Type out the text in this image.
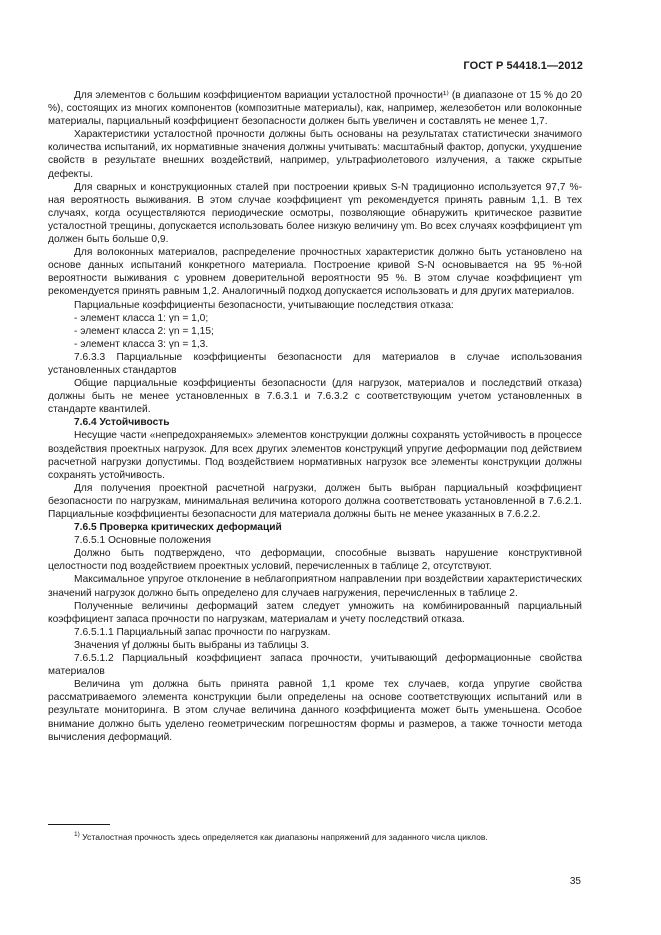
ГОСТ Р 54418.1—2012

Для элементов с большим коэффициентом вариации усталостной прочности¹⁾ (в диапазоне от 15 % до 20 %), состоящих из многих компонентов (композитные материалы), как, например, железобетон или волоконные материалы, парциальный коэффициент безопасности должен быть увеличен и составлять не менее 1,7.

Характеристики усталостной прочности должны быть основаны на результатах статистически значимого количества испытаний, их нормативные значения должны учитывать: масштабный фактор, допуски, ухудшение свойств в результате внешних воздействий, например, ультрафиолетового излучения, а также скрытые дефекты.

Для сварных и конструкционных сталей при построении кривых S-N традиционно используется 97,7 %-ная вероятность выживания. В этом случае коэффициент γm рекомендуется принять равным 1,1. В тех случаях, когда осуществляются периодические осмотры, позволяющие обнаружить критическое развитие усталостной трещины, допускается использовать более низкую величину γm. Во всех случаях коэффициент γm должен быть больше 0,9.

Для волоконных материалов, распределение прочностных характеристик должно быть установлено на основе данных испытаний конкретного материала. Построение кривой S-N основывается на 95 %-ной вероятности выживания с уровнем доверительной вероятности 95 %. В этом случае коэффициент γm рекомендуется принять равным 1,2. Аналогичный подход допускается использовать и для других материалов.

Парциальные коэффициенты безопасности, учитывающие последствия отказа:

- элемент класса 1: γn = 1,0;

- элемент класса 2: γn = 1,15;

- элемент класса 3: γn = 1,3.

7.6.3.3 Парциальные коэффициенты безопасности для материалов в случае использования установленных стандартов

Общие парциальные коэффициенты безопасности (для нагрузок, материалов и последствий отказа) должны быть не менее установленных в 7.6.3.1 и 7.6.3.2 с соответствующим учетом установленных в стандарте квантилей.

7.6.4 Устойчивость

Несущие части «непредохраняемых» элементов конструкции должны сохранять устойчивость в процессе воздействия проектных нагрузок. Для всех других элементов конструкций упругие деформации под действием расчетной нагрузки допустимы. Под воздействием нормативных нагрузок все элементы конструкции должны сохранять устойчивость.

Для получения проектной расчетной нагрузки, должен быть выбран парциальный коэффициент безопасности по нагрузкам, минимальная величина которого должна соответствовать установленной в 7.6.2.1. Парциальные коэффициенты безопасности для материала должны быть не менее указанных в 7.6.2.2.

7.6.5 Проверка критических деформаций

7.6.5.1 Основные положения

Должно быть подтверждено, что деформации, способные вызвать нарушение конструктивной целостности под воздействием проектных условий, перечисленных в таблице 2, отсутствуют.

Максимальное упругое отклонение в неблагоприятном направлении при воздействии характеристических значений нагрузок должно быть определено для случаев нагружения, перечисленных в таблице 2.

Полученные величины деформаций затем следует умножить на комбинированный парциальный коэффициент запаса прочности по нагрузкам, материалам и учету последствий отказа.

7.6.5.1.1 Парциальный запас прочности по нагрузкам.

Значения γf должны быть выбраны из таблицы 3.

7.6.5.1.2 Парциальный коэффициент запаса прочности, учитывающий деформационные свойства материалов

Величина γm должна быть принята равной 1,1 кроме тех случаев, когда упругие свойства рассматриваемого элемента конструкции были определены на основе соответствующих испытаний или в результате мониторинга. В этом случае величина данного коэффициента может быть уменьшена. Особое внимание должно быть уделено геометрическим погрешностям формы и размеров, а также точности метода вычисления деформаций.

$^{1)}$ Усталостная прочность здесь определяется как диапазоны напряжений для заданного числа циклов.
35
